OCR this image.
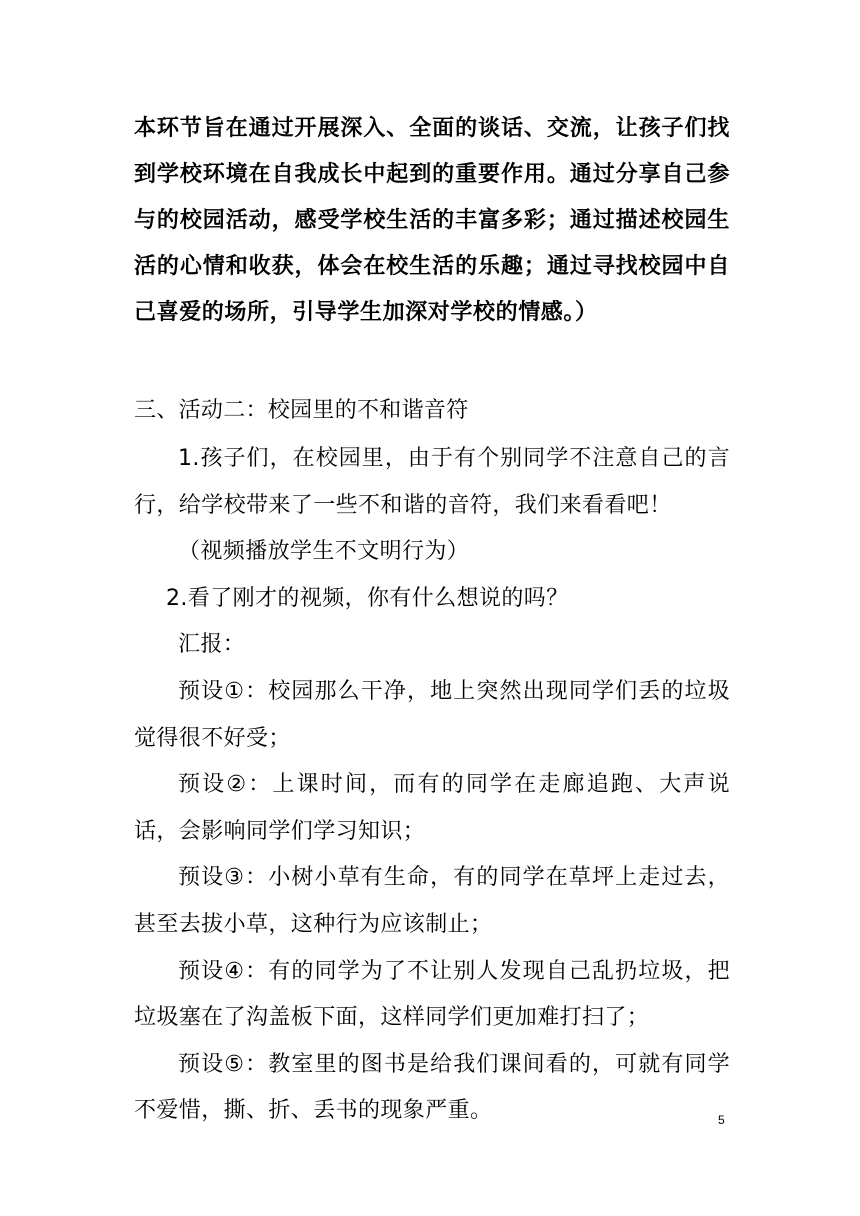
本环节旨在通过开展深入、全面的谈话、交流，让孩子们找到学校环境在自我成长中起到的重要作用。通过分享自己参与的校园活动，感受学校生活的丰富多彩；通过描述校园生活的心情和收获，体会在校生活的乐趣；通过寻找校园中自己喜爱的场所，引导学生加深对学校的情感。）
三、活动二：校园里的不和谐音符

1.孩子们，在校园里，由于有个别同学不注意自己的言行，给学校带来了一些不和谐的音符，我们来看看吧！

（视频播放学生不文明行为）

2.看了刚才的视频，你有什么想说的吗？

汇报：

预设①：校园那么干净，地上突然出现同学们丢的垃圾觉得很不好受；

预设②：上课时间，而有的同学在走廊追跑、大声说话，会影响同学们学习知识；

预设③：小树小草有生命，有的同学在草坪上走过去，甚至去拔小草，这种行为应该制止；

预设④：有的同学为了不让别人发现自己乱扔垃圾，把垃圾塞在了沟盖板下面，这样同学们更加难打扫了；

预设⑤：教室里的图书是给我们课间看的，可就有同学不爱惜，撕、折、丢书的现象严重。	5
